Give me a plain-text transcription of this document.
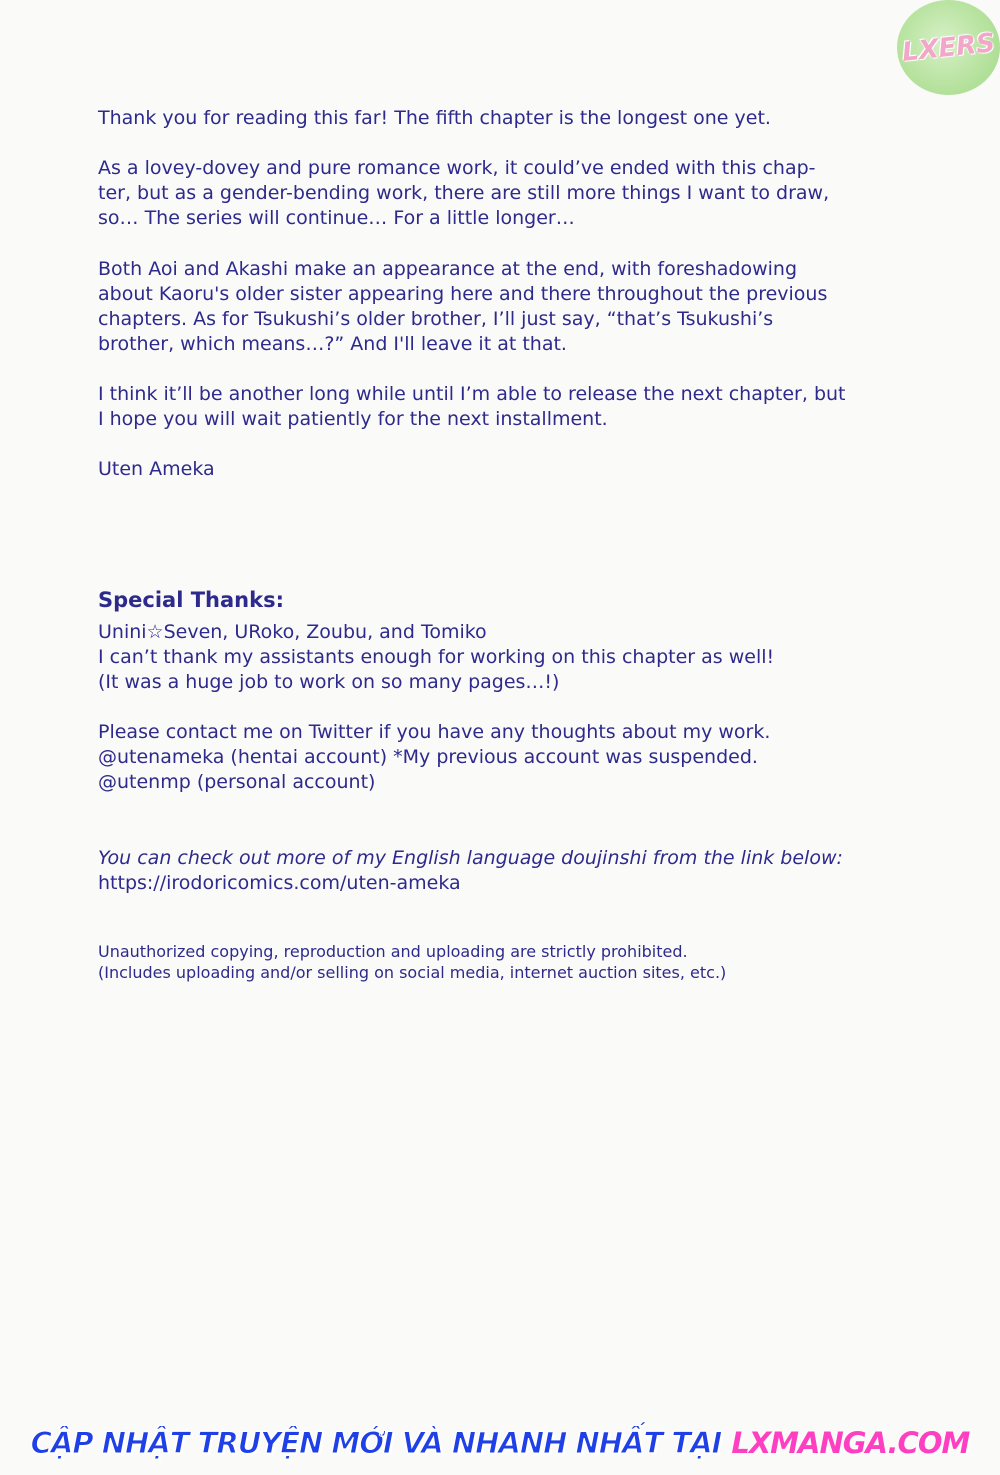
LXERS
Thank you for reading this far! The fifth chapter is the longest one yet.
As a lovey-dovey and pure romance work, it could’ve ended with this chap-
ter, but as a gender-bending work, there are still more things I want to draw,
so… The series will continue… For a little longer…
Both Aoi and Akashi make an appearance at the end, with foreshadowing
about Kaoru's older sister appearing here and there throughout the previous
chapters. As for Tsukushi’s older brother, I’ll just say, “that’s Tsukushi’s
brother, which means…?” And I'll leave it at that.
I think it’ll be another long while until I’m able to release the next chapter, but
I hope you will wait patiently for the next installment.
Uten Ameka
Special Thanks:
Unini☆Seven, URoko, Zoubu, and Tomiko
I can’t thank my assistants enough for working on this chapter as well!
(It was a huge job to work on so many pages…!)
Please contact me on Twitter if you have any thoughts about my work.
@utenameka (hentai account) *My previous account was suspended.
@utenmp (personal account)
You can check out more of my English language doujinshi from the link below:
https://irodoricomics.com/uten-ameka
Unauthorized copying, reproduction and uploading are strictly prohibited.
(Includes uploading and/or selling on social media, internet auction sites, etc.)
CẬP NHẬT TRUYỆN MỚI VÀ NHANH NHẤT TẠI LXMANGA.COM
